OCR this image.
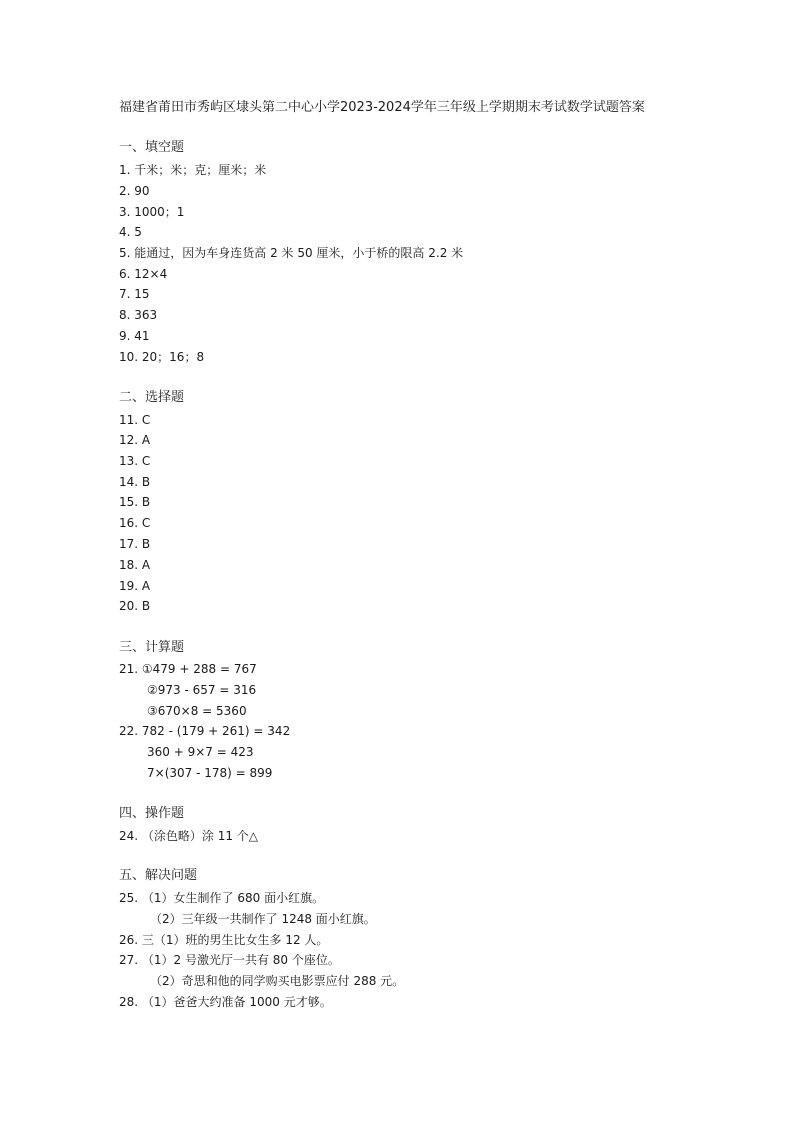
福建省莆田市秀屿区埭头第二中心小学2023-2024学年三年级上学期期末考试数学试题答案
一、填空题
1. 千米；米；克；厘米；米
2. 90
3. 1000；1
4. 5
5. 能通过，因为车身连货高 2 米 50 厘米，小于桥的限高 2.2 米
6. 12×4
7. 15
8. 363
9. 41
10. 20；16；8
二、选择题
11. C
12. A
13. C
14. B
15. B
16. C
17. B
18. A
19. A
20. B
三、计算题
21. ①479 + 288 = 767
②973 - 657 = 316
③670×8 = 5360
22. 782 - (179 + 261) = 342
360 + 9×7 = 423
7×(307 - 178) = 899
四、操作题
24. （涂色略）涂 11 个△
五、解决问题
25. （1）女生制作了 680 面小红旗。
（2）三年级一共制作了 1248 面小红旗。
26. 三（1）班的男生比女生多 12 人。
27. （1）2 号激光厅一共有 80 个座位。
（2）奇思和他的同学购买电影票应付 288 元。
28. （1）爸爸大约准备 1000 元才够。
